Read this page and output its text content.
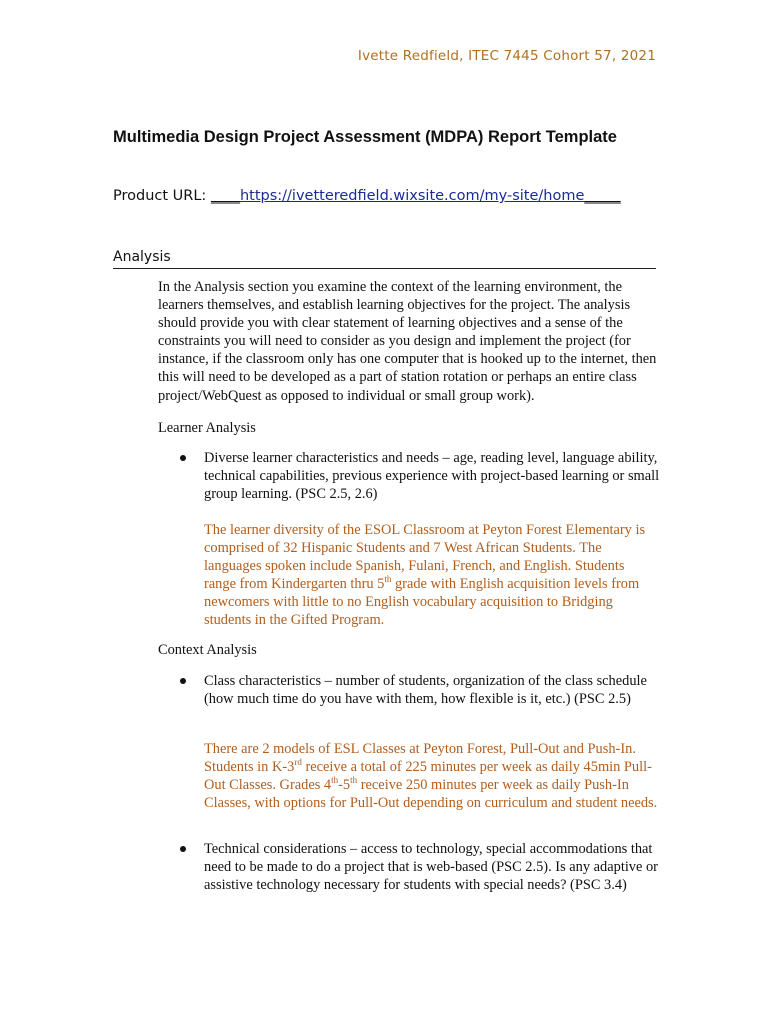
Ivette Redfield, ITEC 7445 Cohort 57, 2021
Multimedia Design Project Assessment (MDPA) Report Template
Product URL: ____https://ivetteredfield.wixsite.com/my-site/home_____
Analysis
In the Analysis section you examine the context of the learning environment, the learners themselves, and establish learning objectives for the project. The analysis should provide you with clear statement of learning objectives and a sense of the constraints you will need to consider as you design and implement the project (for instance, if the classroom only has one computer that is hooked up to the internet, then this will need to be developed as a part of station rotation or perhaps an entire class project/WebQuest as opposed to individual or small group work).
Learner Analysis
Diverse learner characteristics and needs – age, reading level, language ability, technical capabilities, previous experience with project-based learning or small group learning. (PSC 2.5, 2.6)
The learner diversity of the ESOL Classroom at Peyton Forest Elementary is comprised of 32 Hispanic Students and 7 West African Students. The languages spoken include Spanish, Fulani, French, and English. Students range from Kindergarten thru 5th grade with English acquisition levels from newcomers with little to no English vocabulary acquisition to Bridging students in the Gifted Program.
Context Analysis
Class characteristics – number of students, organization of the class schedule (how much time do you have with them, how flexible is it, etc.) (PSC 2.5)
There are 2 models of ESL Classes at Peyton Forest, Pull-Out and Push-In. Students in K-3rd receive a total of 225 minutes per week as daily 45min Pull-Out Classes. Grades 4th-5th receive 250 minutes per week as daily Push-In Classes, with options for Pull-Out depending on curriculum and student needs.
Technical considerations – access to technology, special accommodations that need to be made to do a project that is web-based (PSC 2.5). Is any adaptive or assistive technology necessary for students with special needs? (PSC 3.4)
